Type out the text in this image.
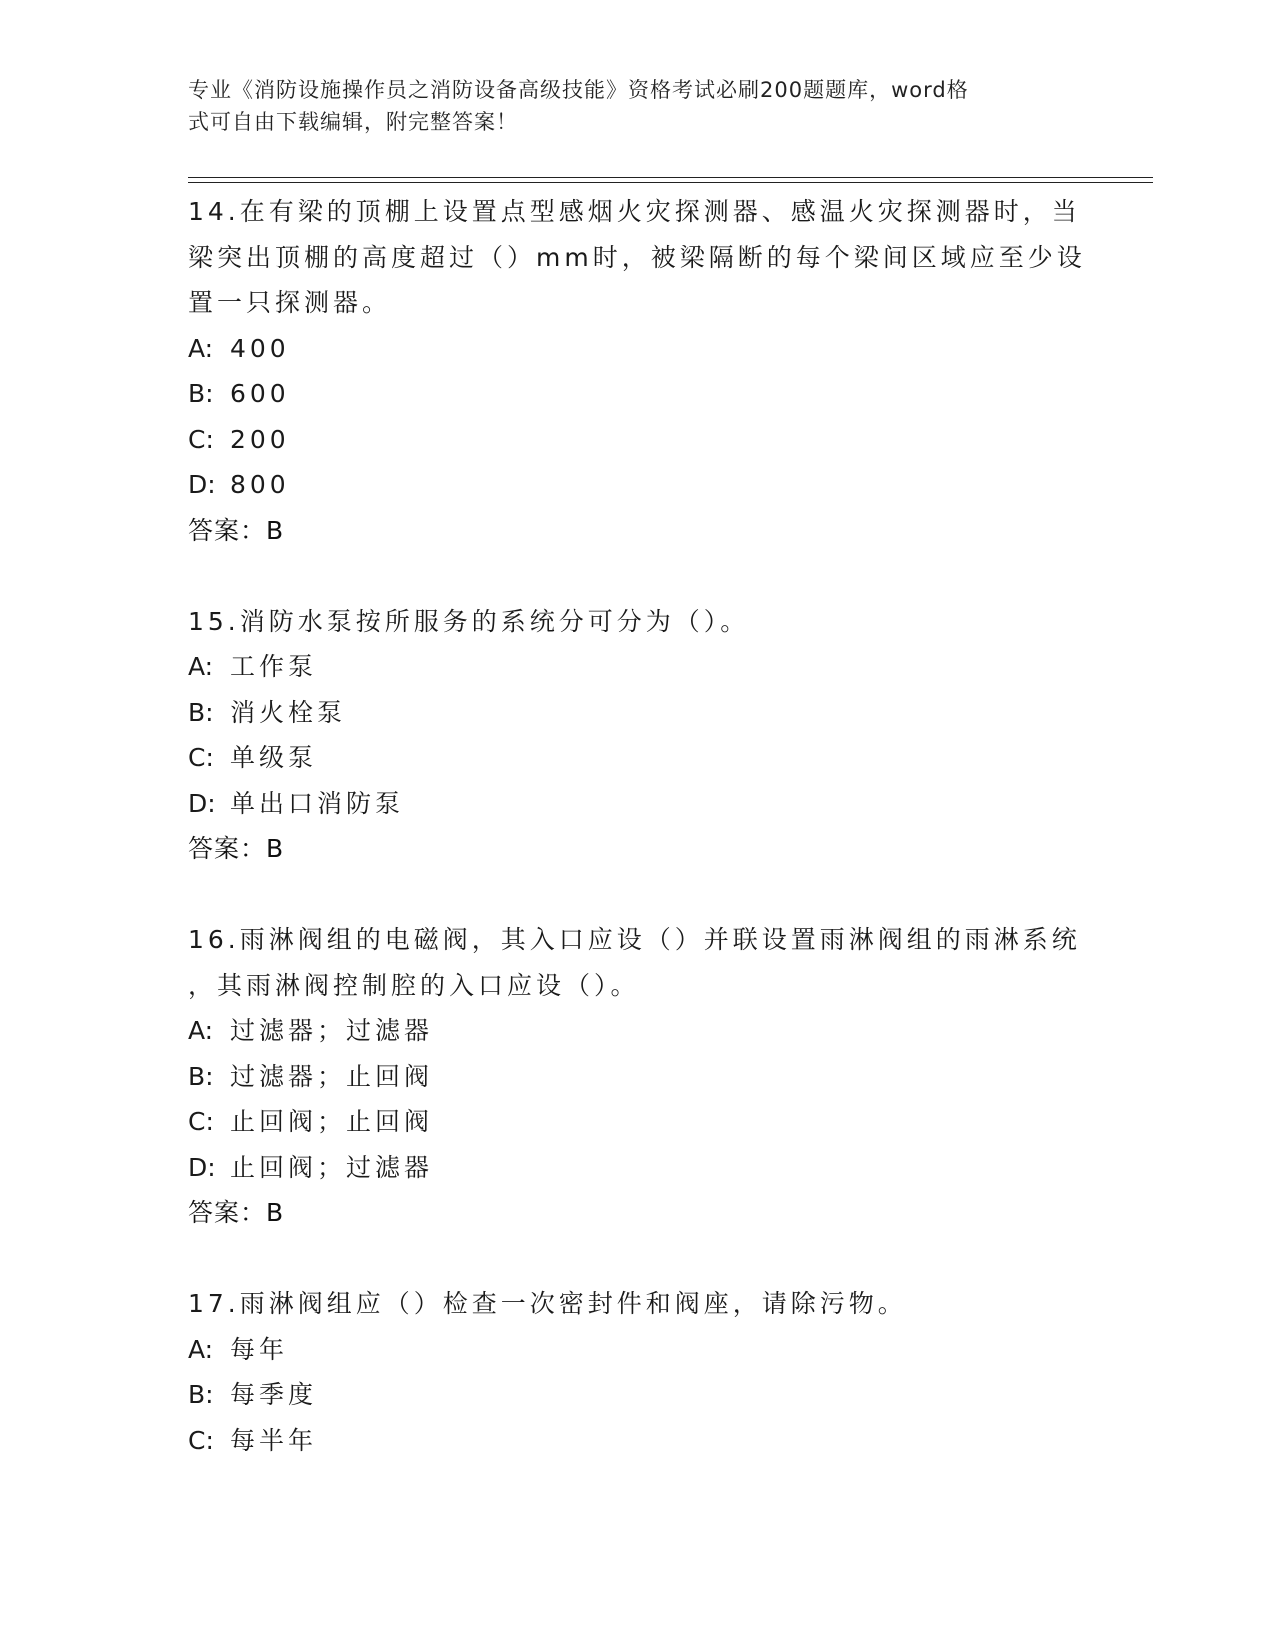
专业《消防设施操作员之消防设备高级技能》资格考试必刷200题题库，word格
式可自由下载编辑，附完整答案！
14.在有梁的顶棚上设置点型感烟火灾探测器、感温火灾探测器时，当
梁突出顶棚的高度超过（）mm时，被梁隔断的每个梁间区域应至少设
置一只探测器。
A: 400
B: 600
C: 200
D: 800
答案：B
15.消防水泵按所服务的系统分可分为（）。
A: 工作泵
B: 消火栓泵
C: 单级泵
D: 单出口消防泵
答案：B
16.雨淋阀组的电磁阀，其入口应设（）并联设置雨淋阀组的雨淋系统
，其雨淋阀控制腔的入口应设（）。
A: 过滤器；过滤器
B: 过滤器；止回阀
C: 止回阀；止回阀
D: 止回阀；过滤器
答案：B
17.雨淋阀组应（）检查一次密封件和阀座，请除污物。
A: 每年
B: 每季度
C: 每半年
